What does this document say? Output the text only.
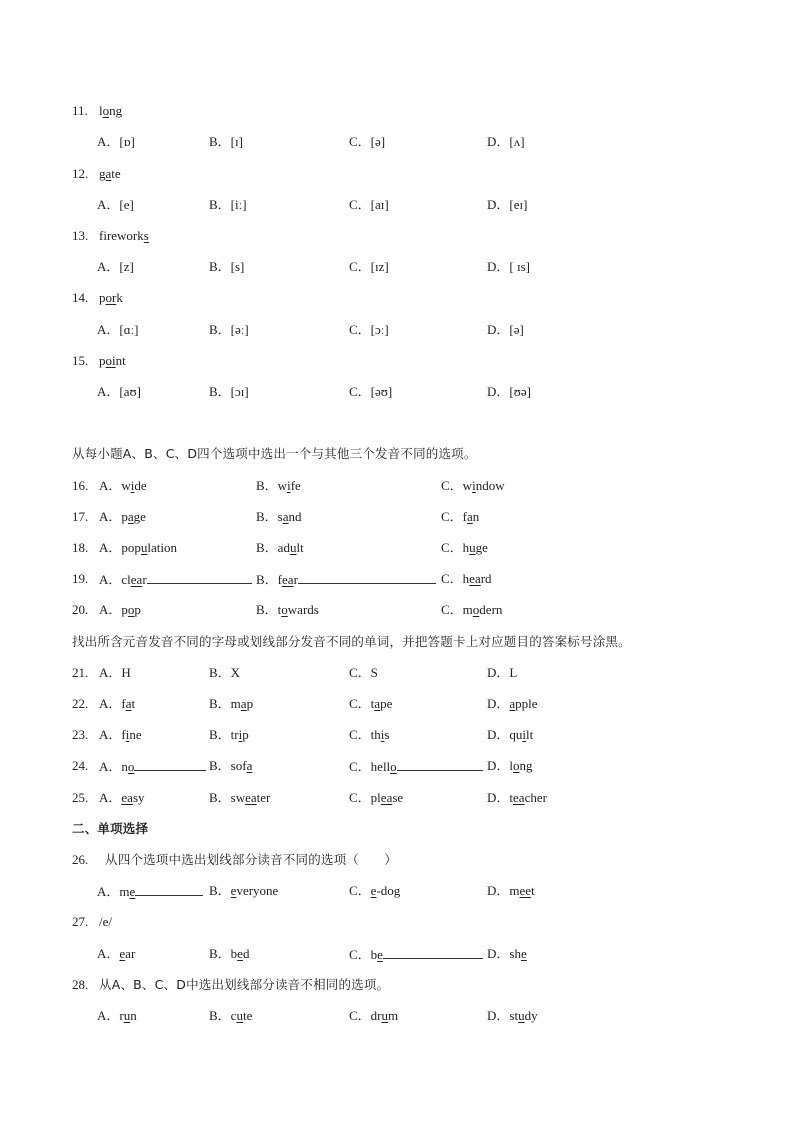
11. long
A．[ɒ]	B．[ɪ]	C．[ə]	D．[ʌ]
12. gate
A．[e]	B．[iː]	C．[aɪ]	D．[eɪ]
13. fireworks
A．[z]	B．[s]	C．[ɪz]	D．[ ɪs]
14. pork
A．[ɑː]	B．[əː]	C．[ɔː]	D．[ə]
15. point
A．[aʊ]	B．[ɔɪ]	C．[əʊ]	D．[ʊə]
从每小题A、B、C、D四个选项中选出一个与其他三个发音不同的选项。
16. A．wide	B．wife	C．window
17. A．page	B．sand	C．fan
18. A．population	B．adult	C．huge
19. A．clear	B．fear	C．heard
20. A．pop	B．towards	C．modern
找出所含元音发音不同的字母或划线部分发音不同的单词，并把答题卡上对应题目的答案标号涂黑。
21. A．H	B．X	C．S	D．L
22. A．fat	B．map	C．tape	D．apple
23. A．fine	B．trip	C．this	D．quilt
24. A．no	B．sofa	C．hello	D．long
25. A．easy	B．sweater	C．please	D．teacher
二、单项选择
26. 从四个选项中选出划线部分读音不同的选项（　　）
A．me	B．everyone	C．e-dog	D．meet
27. /e/
A．ear	B．bed	C．be	D．she
28. 从A、B、C、D中选出划线部分读音不相同的选项。
A．run	B．cute	C．drum	D．study
